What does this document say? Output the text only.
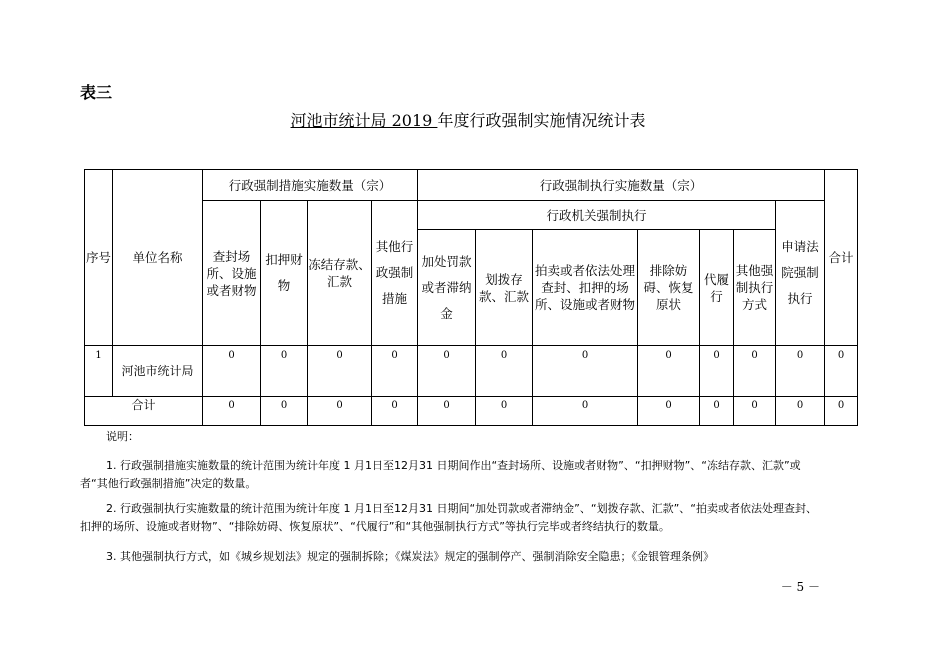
表三
河池市统计局 2019 年度行政强制实施情况统计表
序号	单位名称	行政强制措施实施数量（宗）				行政强制执行实施数量（宗）							合计
		查封场所、设施或者财物	扣押财物	冻结存款、汇款	其他行政强制措施	行政机关强制执行						申请法院强制执行	
						加处罚款或者滞纳金	划拨存款、汇款	拍卖或者依法处理查封、扣押的场所、设施或者财物	排除妨碍、恢复原状	代履行	其他强制执行方式		
1	河池市统计局	0	0	0	0	0	0	0	0	0	0	0	0
合计		0	0	0	0	0	0	0	0	0	0	0	0
说明：

1. 行政强制措施实施数量的统计范围为统计年度 1 月1日至12月31 日期间作出“查封场所、设施或者财物”、“扣押财物”、“冻结存款、汇款”或者“其他行政强制措施”决定的数量。

2. 行政强制执行实施数量的统计范围为统计年度 1 月1日至12月31 日期间“加处罚款或者滞纳金”、“划拨存款、汇款”、“拍卖或者依法处理查封、扣押的场所、设施或者财物”、“排除妨碍、恢复原状”、“代履行”和“其他强制执行方式”等执行完毕或者终结执行的数量。

3. 其他强制执行方式，如《城乡规划法》规定的强制拆除；《煤炭法》规定的强制停产、强制消除安全隐患；《金银管理条例》

－ 5 －
